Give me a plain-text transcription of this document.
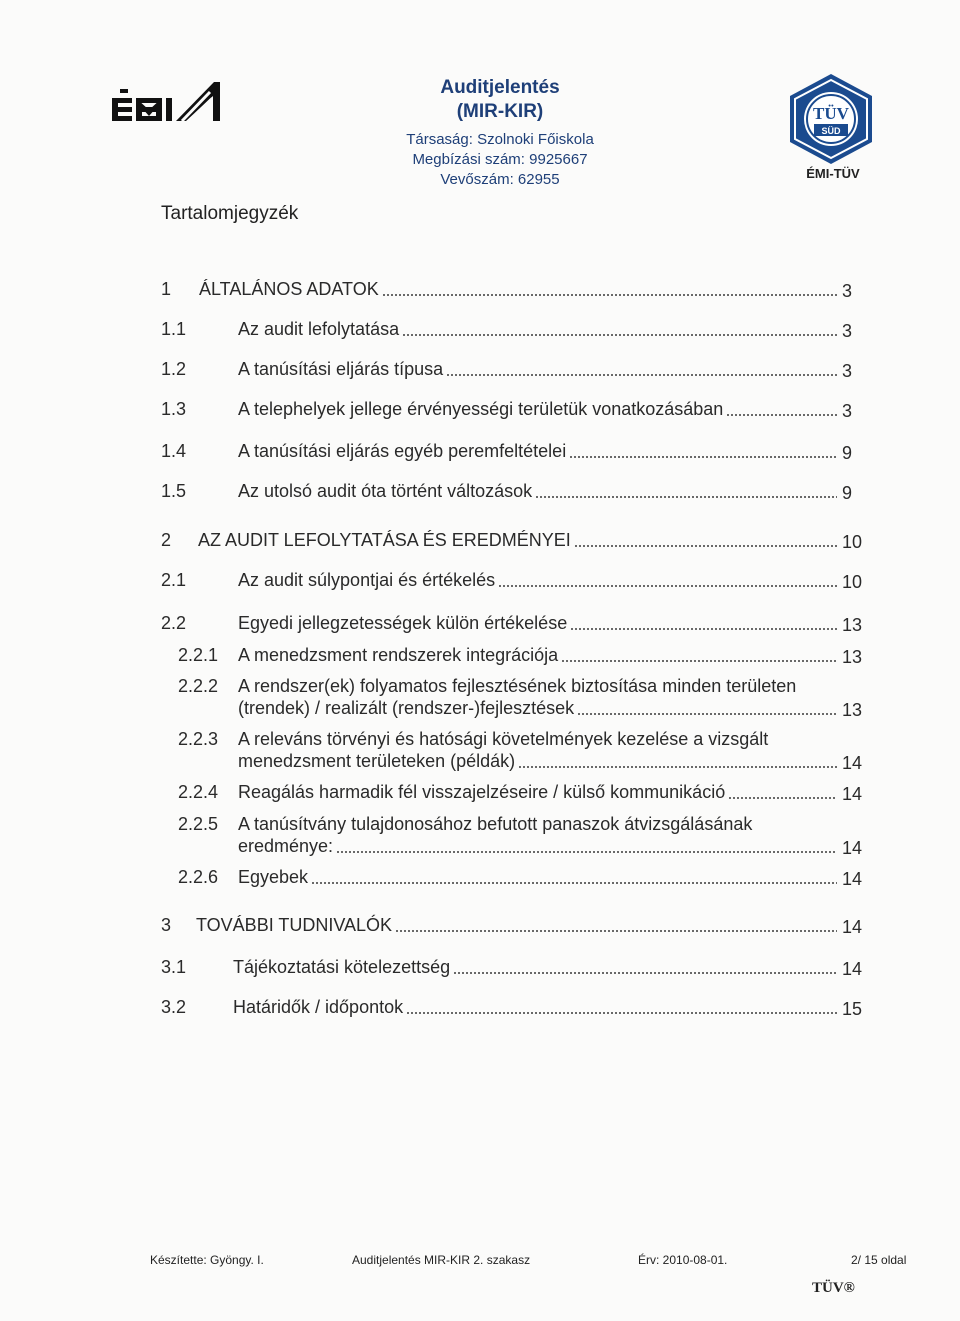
Auditjelentés
(MIR-KIR)
Társaság: Szolnoki Főiskola
Megbízási szám: 9925667
Vevőszám: 62955
TÜV
SÜD
ÉMI-TÜV
Tartalomjegyzék
1 ÁLTALÁNOS ADATOK	3
1.1	Az audit lefolytatása	3
1.2	A tanúsítási eljárás típusa	3
1.3	A telephelyek jellege érvényességi területük vonatkozásában	3
1.4	A tanúsítási eljárás egyéb peremfeltételei	9
1.5	Az utolsó audit óta történt változások	9
2 AZ AUDIT LEFOLYTATÁSA ÉS EREDMÉNYEI	10
2.1	Az audit súlypontjai és értékelés	10
2.2	Egyedi jellegzetességek külön értékelése	13
2.2.1 A menedzsment rendszerek integrációja	13
2.2.2 A rendszer(ek) folyamatos fejlesztésének biztosítása minden területen
(trendek) / realizált (rendszer-)fejlesztések	13
2.2.3 A releváns törvényi és hatósági követelmények kezelése a vizsgált
menedzsment területeken (példák)	14
2.2.4 Reagálás harmadik fél visszajelzéseire / külső kommunikáció	14
2.2.5 A tanúsítvány tulajdonosához befutott panaszok átvizsgálásának
eredménye:	14
2.2.6 Egyebek	14
3 TOVÁBBI TUDNIVALÓK	14
3.1	Tájékoztatási kötelezettség	14
3.2	Határidők / időpontok	15
Készítette: Gyöngy. I.	Auditjelentés MIR-KIR 2. szakasz	Érv: 2010-08-01.	2/ 15 oldal
TÜV®
